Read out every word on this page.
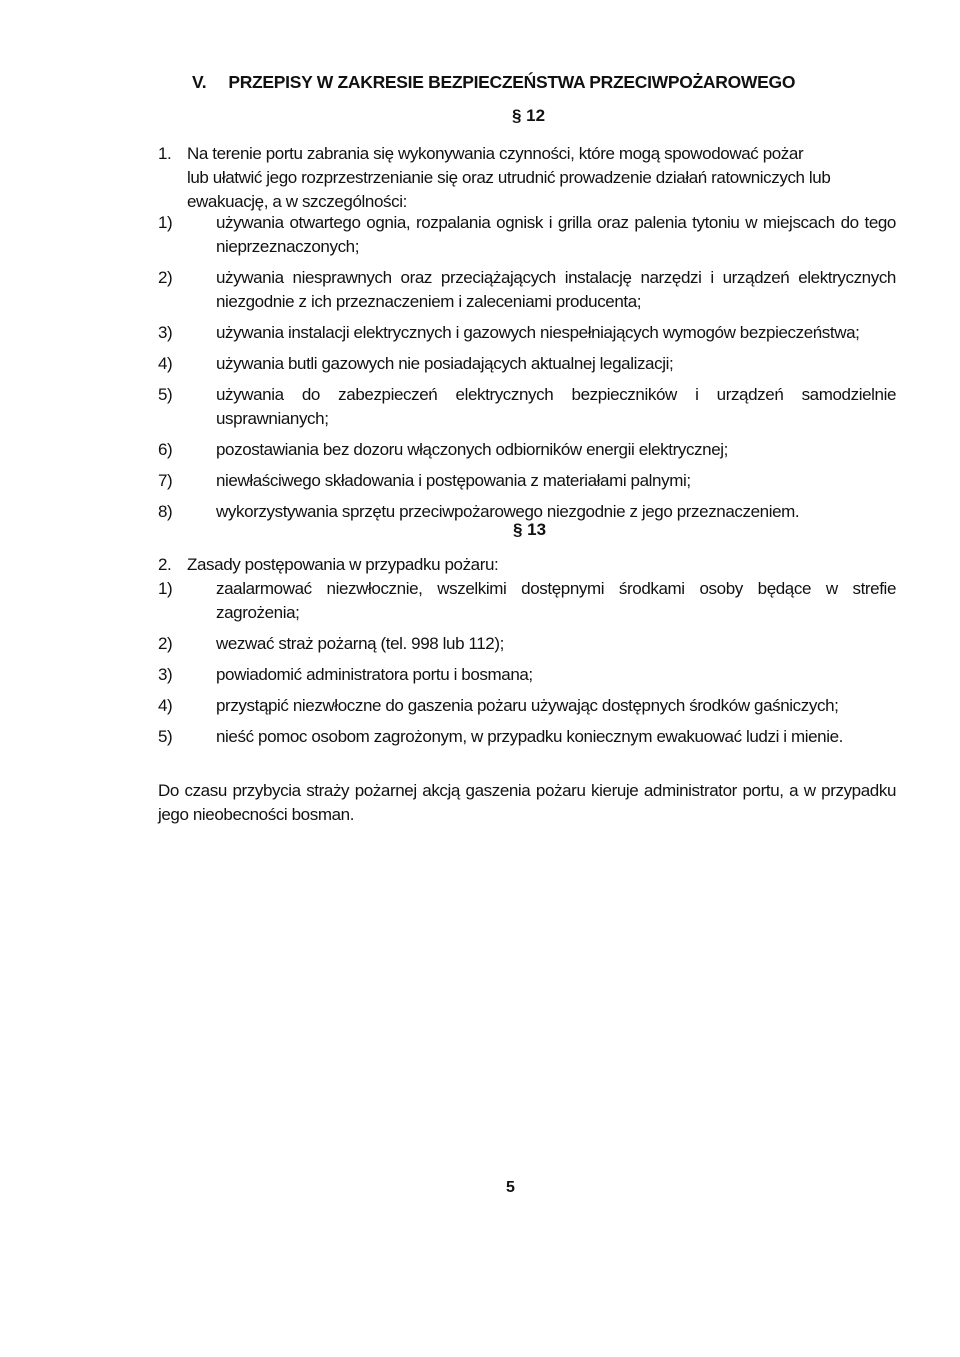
V. PRZEPISY W ZAKRESIE BEZPIECZEŃSTWA PRZECIWPOŻAROWEGO
§ 12
1. Na terenie portu zabrania się wykonywania czynności, które mogą spowodować pożar
lub ułatwić jego rozprzestrzenianie się oraz utrudnić prowadzenie działań ratowniczych lub ewakuację, a w szczególności:
1)	używania otwartego ognia, rozpalania ognisk i grilla oraz palenia tytoniu w miejscach do tego nieprzeznaczonych;
2)	używania niesprawnych oraz przeciążających instalację narzędzi i urządzeń elektrycznych niezgodnie z ich przeznaczeniem i zaleceniami producenta;
3)	używania instalacji elektrycznych i gazowych niespełniających wymogów bezpieczeństwa;
4)	używania butli gazowych nie posiadających aktualnej legalizacji;
5)	używania do zabezpieczeń elektrycznych bezpieczników i urządzeń samodzielnie usprawnianych;
6)	pozostawiania bez dozoru włączonych odbiorników energii elektrycznej;
7)	niewłaściwego składowania i postępowania z materiałami palnymi;
8)	wykorzystywania sprzętu przeciwpożarowego niezgodnie z jego przeznaczeniem.
§ 13
2. Zasady postępowania w przypadku pożaru:
1)	zaalarmować niezwłocznie, wszelkimi dostępnymi środkami osoby będące w strefie zagrożenia;
2)	wezwać straż pożarną (tel. 998 lub 112);
3)	powiadomić administratora portu i bosmana;
4)	przystąpić niezwłoczne do gaszenia pożaru używając dostępnych środków gaśniczych;
5)	nieść pomoc osobom zagrożonym, w przypadku koniecznym ewakuować ludzi i mienie.
Do czasu przybycia straży pożarnej akcją gaszenia pożaru kieruje administrator portu, a w przypadku jego nieobecności bosman.
5
